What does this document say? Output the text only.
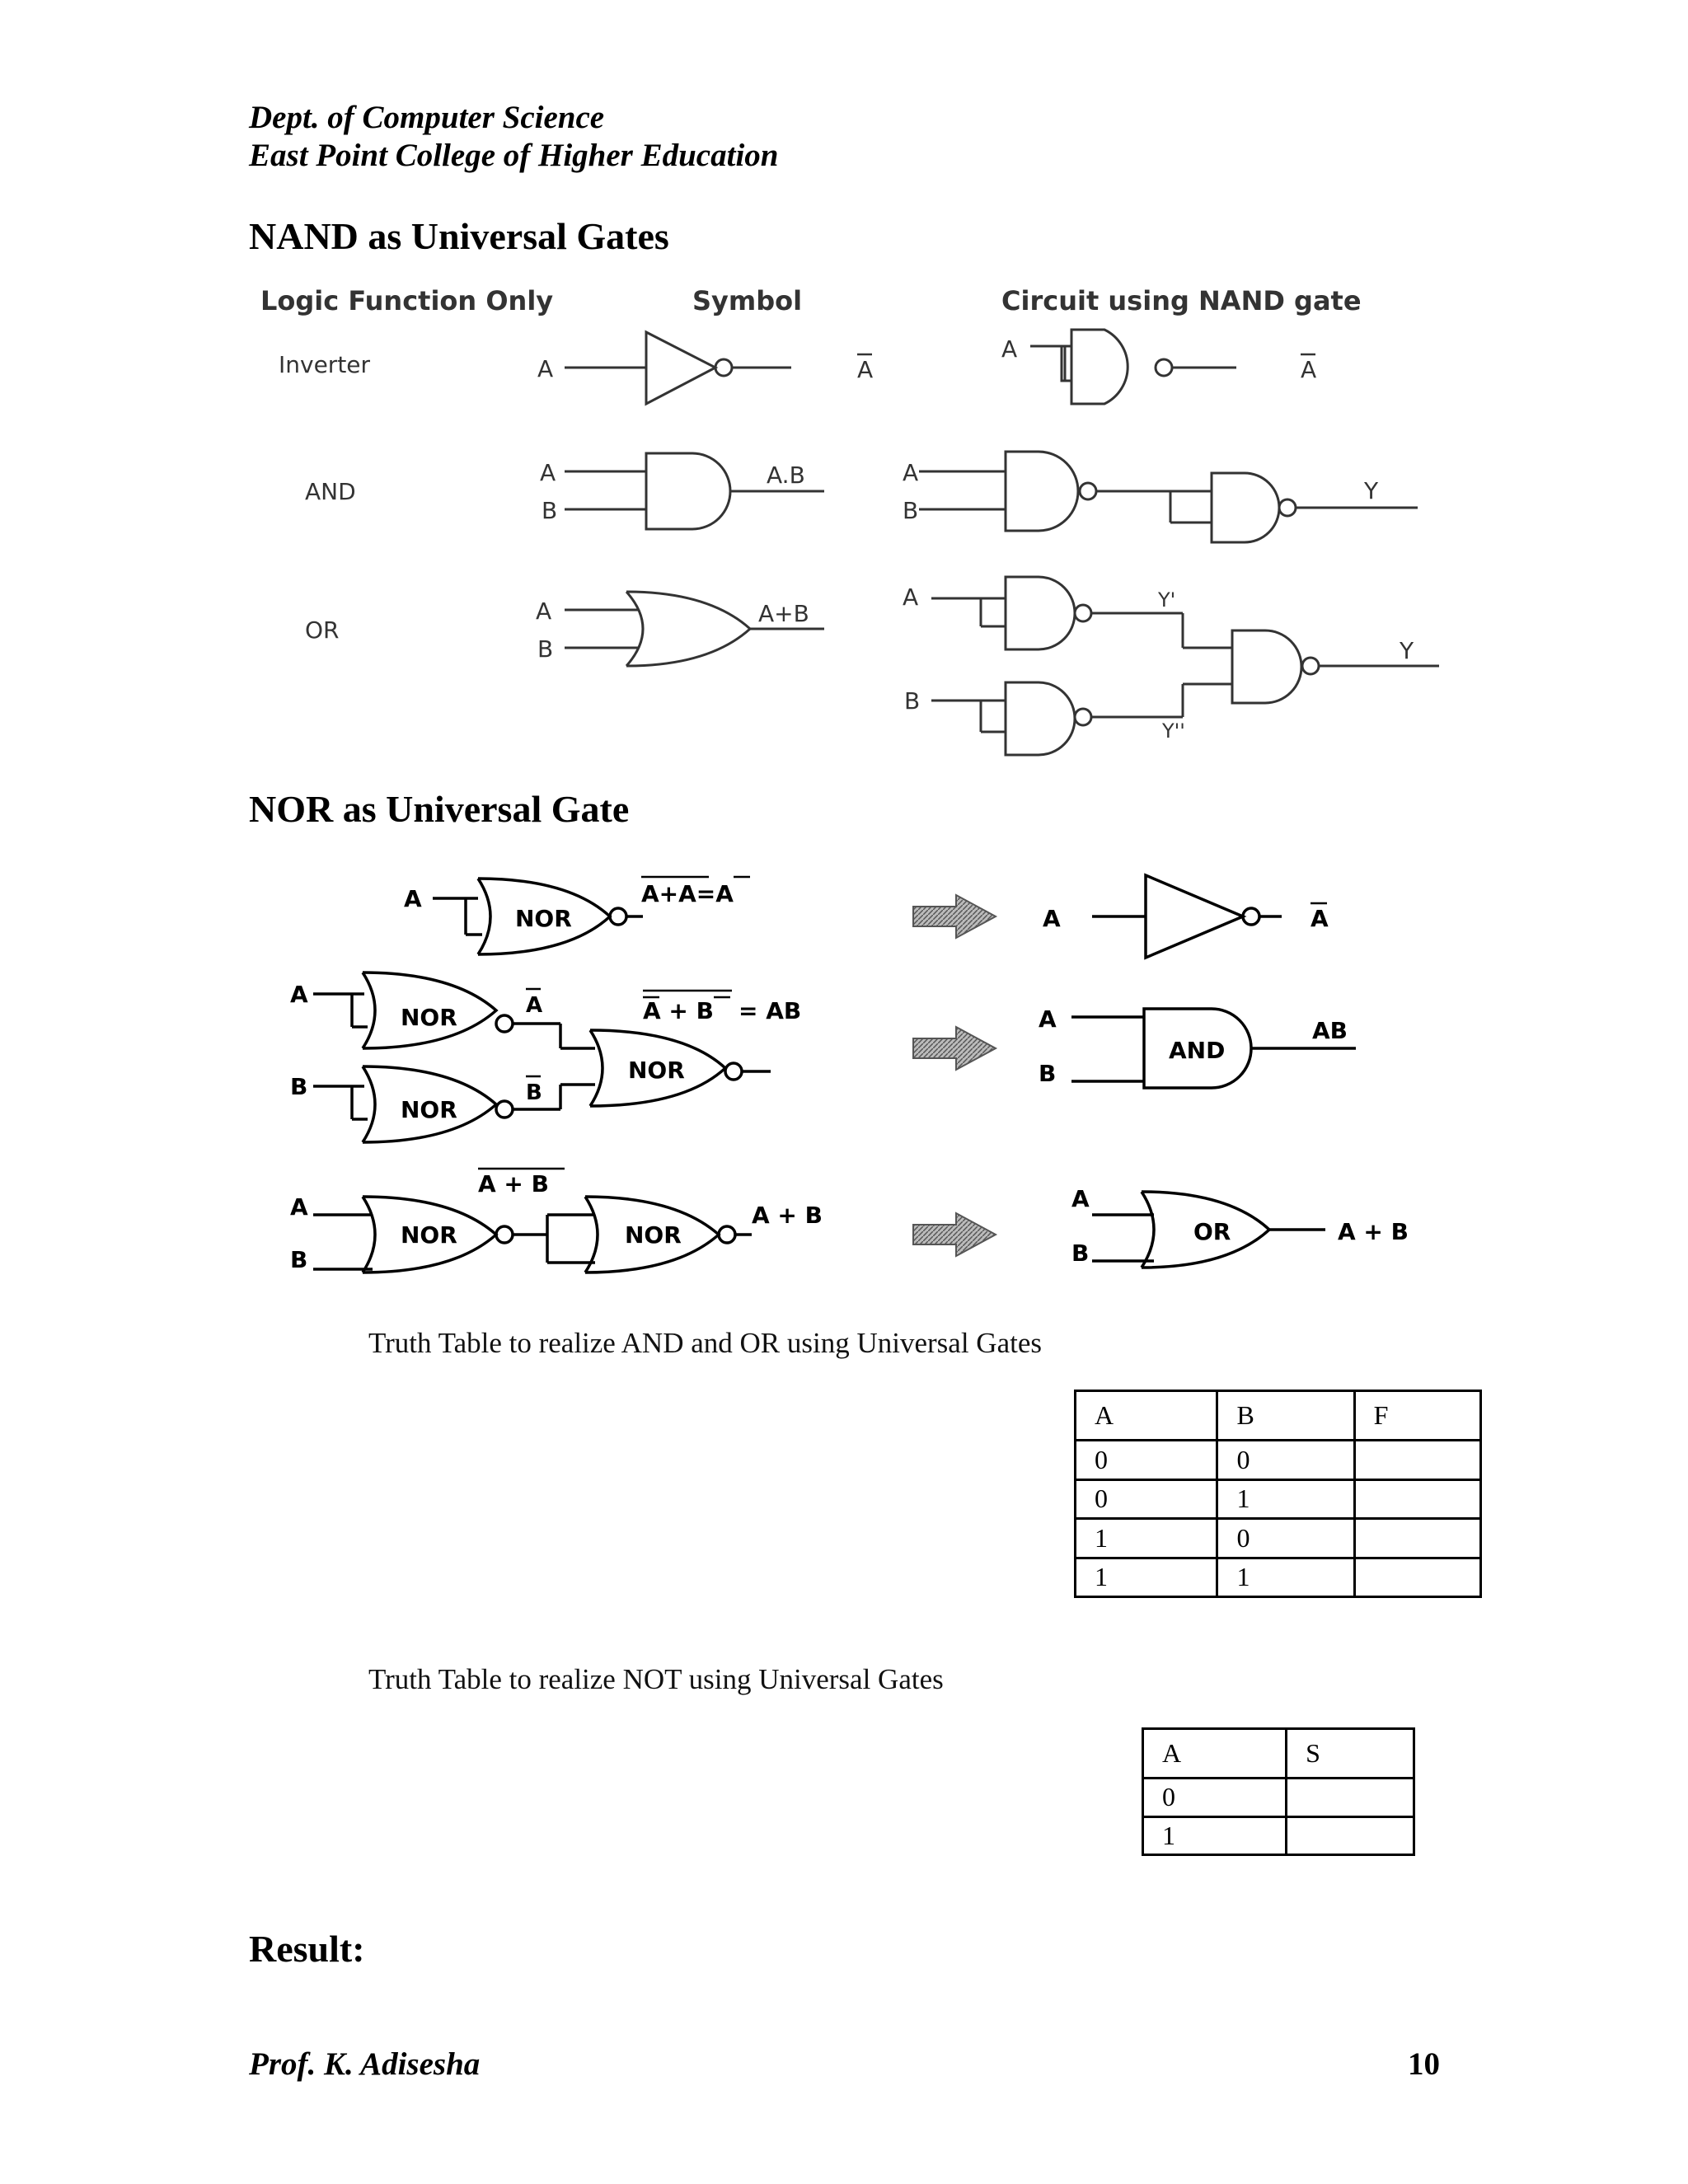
Dept. of Computer Science
East Point College of Higher Education
NAND as Universal Gates
Logic Function Only	Symbol	Circuit using NAND gate
Inverter	A	A
A
A
AND
A
B
A.B	A
B
Y
OR
A
B
A+B
A
B
Y'
Y''
Y
NOR as Universal Gate
A
NOR
A+A=A
A	A
A
B
NOR
NOR
NOR
A
B
A + B = AB	A
B
AND
AB
A
B
NOR	NOR
A + B
A + B
A
B
OR	A + B
Truth Table to realize AND and OR using Universal Gates
A	B	F
0	0	
0	1	
1	0	
1	1	
Truth Table to realize NOT using Universal Gates
A	S
0	
1	
Result:
Prof. K. Adisesha	10
